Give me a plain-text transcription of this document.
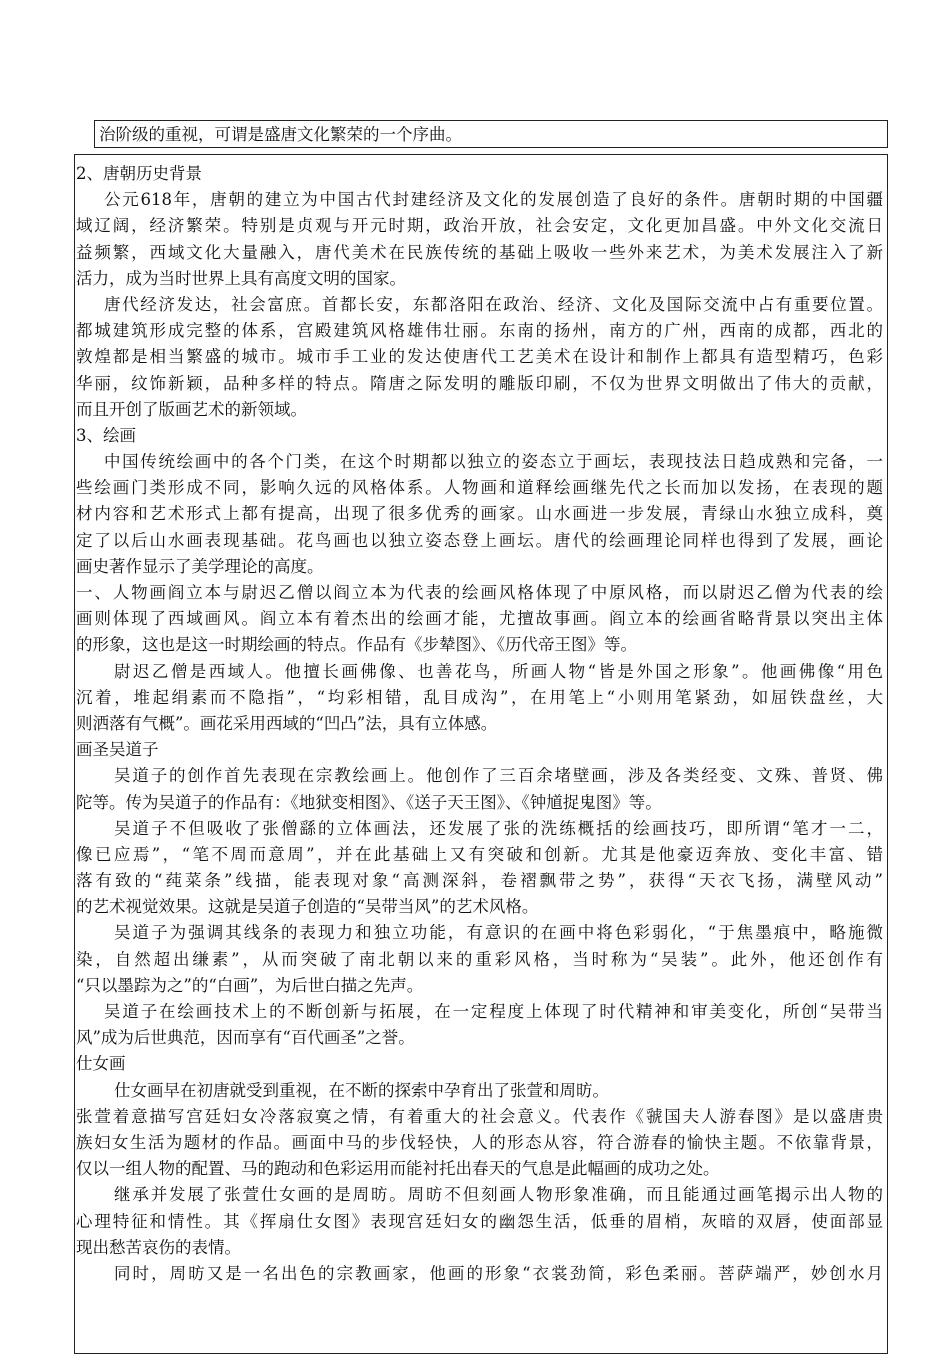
治阶级的重视，可谓是盛唐文化繁荣的一个序曲。

2、唐朝历史背景
公元618年，唐朝的建立为中国古代封建经济及文化的发展创造了良好的条件。唐朝时期的中国疆
域辽阔，经济繁荣。特别是贞观与开元时期，政治开放，社会安定，文化更加昌盛。中外文化交流日
益频繁，西域文化大量融入，唐代美术在民族传统的基础上吸收一些外来艺术，为美术发展注入了新
活力，成为当时世界上具有高度文明的国家。
唐代经济发达，社会富庶。首都长安，东都洛阳在政治、经济、文化及国际交流中占有重要位置。
都城建筑形成完整的体系，宫殿建筑风格雄伟壮丽。东南的扬州，南方的广州，西南的成都，西北的
敦煌都是相当繁盛的城市。城市手工业的发达使唐代工艺美术在设计和制作上都具有造型精巧，色彩
华丽，纹饰新颖，品种多样的特点。隋唐之际发明的雕版印刷，不仅为世界文明做出了伟大的贡献，
而且开创了版画艺术的新领域。
3、绘画
中国传统绘画中的各个门类，在这个时期都以独立的姿态立于画坛，表现技法日趋成熟和完备，一
些绘画门类形成不同，影响久远的风格体系。人物画和道释绘画继先代之长而加以发扬，在表现的题
材内容和艺术形式上都有提高，出现了很多优秀的画家。山水画进一步发展，青绿山水独立成科，奠
定了以后山水画表现基础。花鸟画也以独立姿态登上画坛。唐代的绘画理论同样也得到了发展，画论
画史著作显示了美学理论的高度。
一、人物画阎立本与尉迟乙僧以阎立本为代表的绘画风格体现了中原风格，而以尉迟乙僧为代表的绘
画则体现了西域画风。阎立本有着杰出的绘画才能，尤擅故事画。阎立本的绘画省略背景以突出主体
的形象，这也是这一时期绘画的特点。作品有《步辇图》、《历代帝王图》等。
尉迟乙僧是西域人。他擅长画佛像、也善花鸟，所画人物“皆是外国之形象”。他画佛像“用色
沉着，堆起绢素而不隐指”，“均彩相错，乱目成沟”，在用笔上“小则用笔紧劲，如屈铁盘丝，大
则洒落有气概”。画花采用西域的“凹凸”法，具有立体感。
画圣吴道子
吴道子的创作首先表现在宗教绘画上。他创作了三百余堵壁画，涉及各类经变、文殊、普贤、佛
陀等。传为吴道子的作品有：《地狱变相图》、《送子天王图》、《钟馗捉鬼图》等。
吴道子不但吸收了张僧繇的立体画法，还发展了张的洗练概括的绘画技巧，即所谓“笔才一二，
像已应焉”，“笔不周而意周”，并在此基础上又有突破和创新。尤其是他豪迈奔放、变化丰富、错
落有致的“莼菜条”线描，能表现对象“高测深斜，卷褶飘带之势”，获得“天衣飞扬，满壁风动”
的艺术视觉效果。这就是吴道子创造的“吴带当风”的艺术风格。
吴道子为强调其线条的表现力和独立功能，有意识的在画中将色彩弱化，“于焦墨痕中，略施微
染，自然超出缣素”，从而突破了南北朝以来的重彩风格，当时称为“吴装”。此外，他还创作有
“只以墨踪为之”的“白画”，为后世白描之先声。
吴道子在绘画技术上的不断创新与拓展，在一定程度上体现了时代精神和审美变化，所创“吴带当
风”成为后世典范，因而享有“百代画圣”之誉。
仕女画
仕女画早在初唐就受到重视，在不断的探索中孕育出了张萱和周昉。
张萱着意描写宫廷妇女冷落寂寞之情，有着重大的社会意义。代表作《虢国夫人游春图》是以盛唐贵
族妇女生活为题材的作品。画面中马的步伐轻快，人的形态从容，符合游春的愉快主题。不依靠背景，
仅以一组人物的配置、马的跑动和色彩运用而能衬托出春天的气息是此幅画的成功之处。
继承并发展了张萱仕女画的是周昉。周昉不但刻画人物形象准确，而且能通过画笔揭示出人物的
心理特征和情性。其《挥扇仕女图》表现宫廷妇女的幽怨生活，低垂的眉梢，灰暗的双唇，使面部显
现出愁苦哀伤的表情。
同时，周昉又是一名出色的宗教画家，他画的形象“衣裳劲简，彩色柔丽。菩萨端严，妙创水月
